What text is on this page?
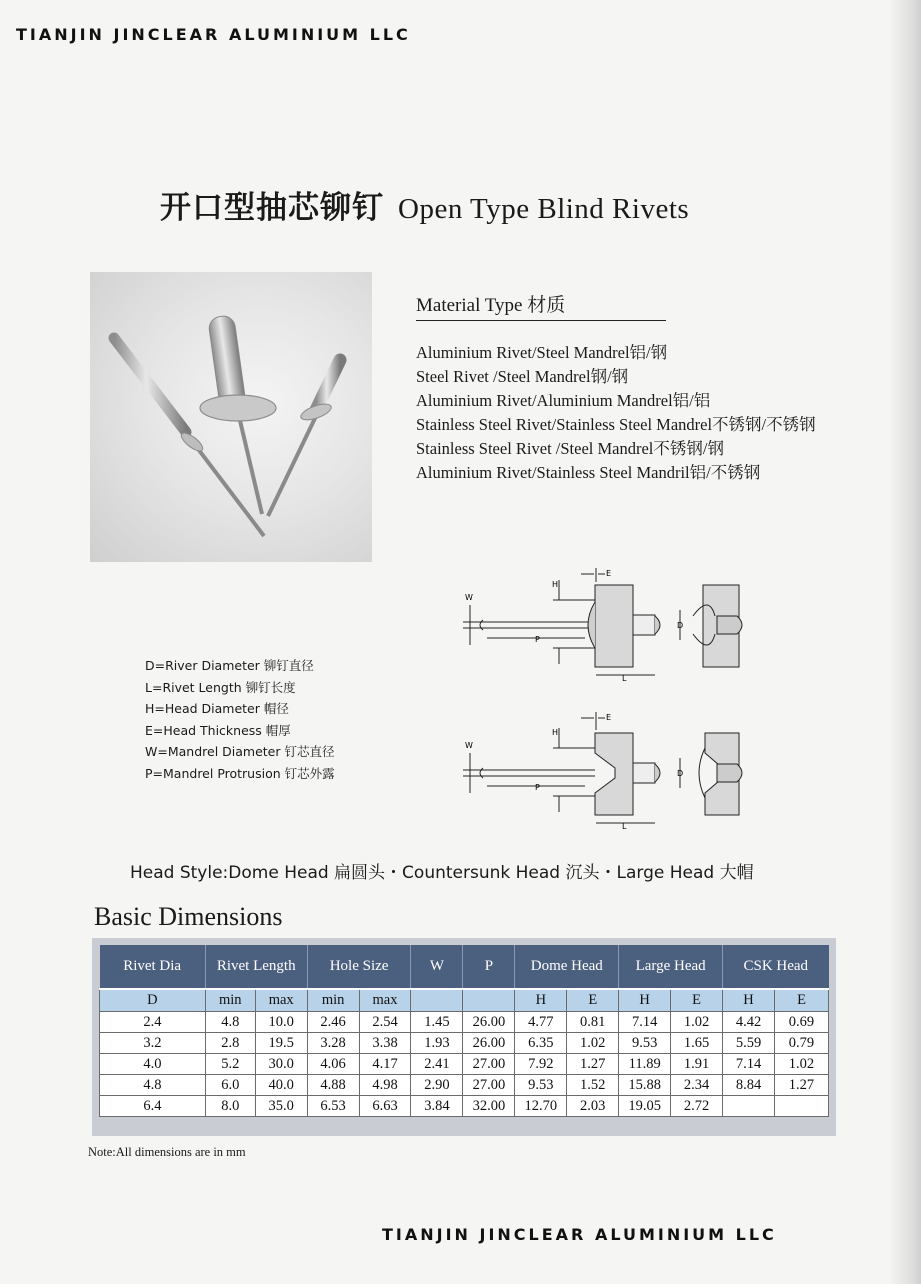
TIANJIN JINCLEAR ALUMINIUM LLC
开口型抽芯铆钉 Open Type Blind Rivets
Material Type 材质
Aluminium Rivet/Steel Mandrel铝/钢
Steel Rivet /Steel Mandrel钢/钢
Aluminium Rivet/Aluminium Mandrel铝/铝
Stainless Steel Rivet/Stainless Steel Mandrel不锈钢/不锈钢
Stainless Steel Rivet /Steel Mandrel不锈钢/钢
Aluminium Rivet/Stainless Steel Mandril铝/不锈钢
D=River Diameter 铆钉直径
L=Rivet Length 铆钉长度
H=Head Diameter 帽径
E=Head Thickness 帽厚
W=Mandrel Diameter 钉芯直径
P=Mandrel Protrusion 钉芯外露
W
H
E
P
D
L
W
H
E
P
D
L
Head Style:Dome Head 扁圆头・Countersunk Head 沉头・Large Head 大帽
Basic Dimensions
Rivet Dia	Rivet Length		Hole Size		W	P	Dome Head		Large Head		CSK Head	
D	min	max	min	max			H	E	H	E	H	E
2.4	4.8	10.0	2.46	2.54	1.45	26.00	4.77	0.81	7.14	1.02	4.42	0.69
3.2	2.8	19.5	3.28	3.38	1.93	26.00	6.35	1.02	9.53	1.65	5.59	0.79
4.0	5.2	30.0	4.06	4.17	2.41	27.00	7.92	1.27	11.89	1.91	7.14	1.02
4.8	6.0	40.0	4.88	4.98	2.90	27.00	9.53	1.52	15.88	2.34	8.84	1.27
6.4	8.0	35.0	6.53	6.63	3.84	32.00	12.70	2.03	19.05	2.72		
Note:All dimensions are in mm
TIANJIN JINCLEAR ALUMINIUM LLC
